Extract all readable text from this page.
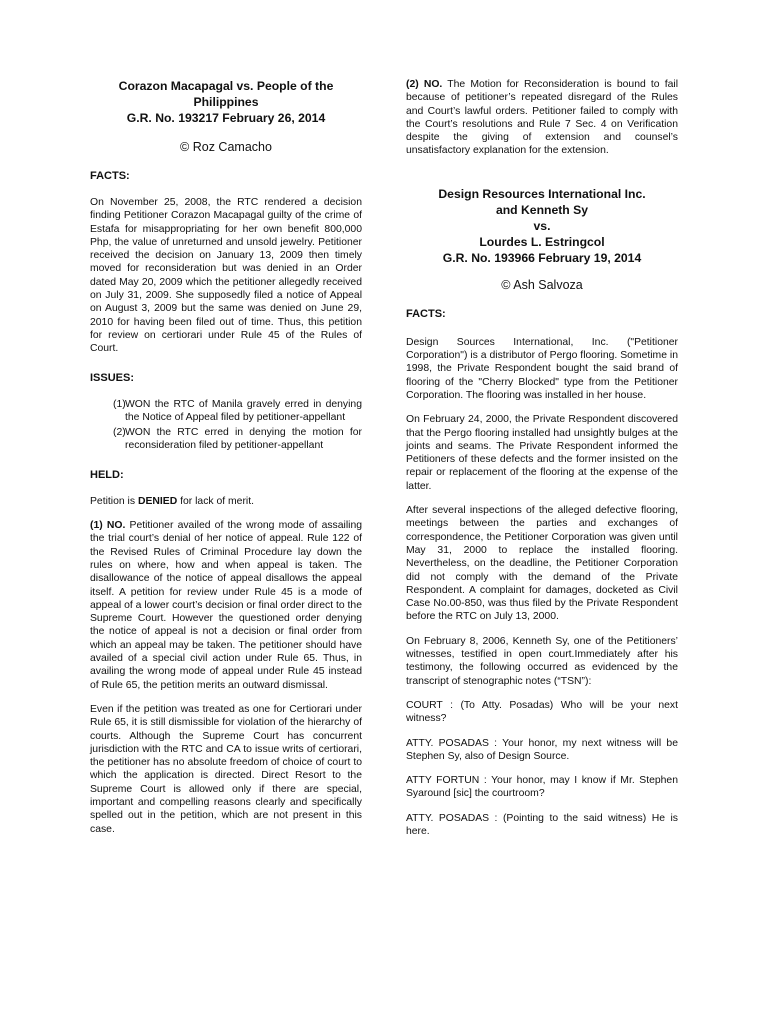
Corazon Macapagal vs. People of the

Philippines

G.R. No. 193217 February 26, 2014

© Roz Camacho
FACTS:

On November 25, 2008, the RTC rendered a decision finding Petitioner Corazon Macapagal guilty of the crime of Estafa for misappropriating for her own benefit 800,000 Php, the value of unreturned and unsold jewelry. Petitioner received the decision on January 13, 2009 then timely moved for reconsideration but was denied in an Order dated May 20, 2009 which the petitioner allegedly received on July 31, 2009. She supposedly filed a notice of Appeal on August 3, 2009 but the same was denied on June 29, 2010 for having been filed out of time. Thus, this petition for review on certiorari under Rule 45 of the Rules of Court.

ISSUES:
(1) WON the RTC of Manila gravely erred in denying the Notice of Appeal filed by petitioner-appellant
(2) WON the RTC erred in denying the motion for reconsideration filed by petitioner-appellant
HELD:

Petition is DENIED for lack of merit.

(1) NO. Petitioner availed of the wrong mode of assailing the trial court’s denial of her notice of appeal. Rule 122 of the Revised Rules of Criminal Procedure lay down the rules on where, how and when appeal is taken. The disallowance of the notice of appeal disallows the appeal itself. A petition for review under Rule 45 is a mode of appeal of a lower court’s decision or final order direct to the Supreme Court. However the questioned order denying the notice of appeal is not a decision or final order from which an appeal may be taken. The petitioner should have availed of a special civil action under Rule 65. Thus, in availing the wrong mode of appeal under Rule 45 instead of Rule 65, the petition merits an outward dismissal.

Even if the petition was treated as one for Certiorari under Rule 65, it is still dismissible for violation of the hierarchy of courts. Although the Supreme Court has concurrent jurisdiction with the RTC and CA to issue writs of certiorari, the petitioner has no absolute freedom of choice of court to which the application is directed. Direct Resort to the Supreme Court is allowed only if there are special, important and compelling reasons clearly and specifically spelled out in the petition, which are not present in this case.

(2) NO. The Motion for Reconsideration is bound to fail because of petitioner’s repeated disregard of the Rules and Court’s lawful orders. Petitioner failed to comply with the Court’s resolutions and Rule 7 Sec. 4 on Verification despite the giving of extension and counsel’s unsatisfactory explanation for the extension.

Design Resources International Inc.

and Kenneth Sy

vs.

Lourdes L. Estringcol

G.R. No. 193966 February 19, 2014

© Ash Salvoza
FACTS:

Design Sources International, Inc. ("Petitioner Corporation") is a distributor of Pergo flooring. Sometime in 1998, the Private Respondent bought the said brand of flooring of the "Cherry Blocked" type from the Petitioner Corporation. The flooring was installed in her house.

On February 24, 2000, the Private Respondent discovered that the Pergo flooring installed had unsightly bulges at the joints and seams. The Private Respondent informed the Petitioners of these defects and the former insisted on the repair or replacement of the flooring at the expense of the latter.

After several inspections of the alleged defective flooring, meetings between the parties and exchanges of correspondence, the Petitioner Corporation was given until May 31, 2000 to replace the installed flooring. Nevertheless, on the deadline, the Petitioner Corporation did not comply with the demand of the Private Respondent. A complaint for damages, docketed as Civil Case No.00-850, was thus filed by the Private Respondent before the RTC on July 13, 2000.

On February 8, 2006, Kenneth Sy, one of the Petitioners’ witnesses, testified in open court.Immediately after his testimony, the following occurred as evidenced by the transcript of stenographic notes (“TSN”):

COURT : (To Atty. Posadas) Who will be your next witness?

ATTY. POSADAS : Your honor, my next witness will be Stephen Sy, also of Design Source.

ATTY FORTUN : Your honor, may I know if Mr. Stephen Syaround [sic] the courtroom?

ATTY. POSADAS : (Pointing to the said witness) He is here.
